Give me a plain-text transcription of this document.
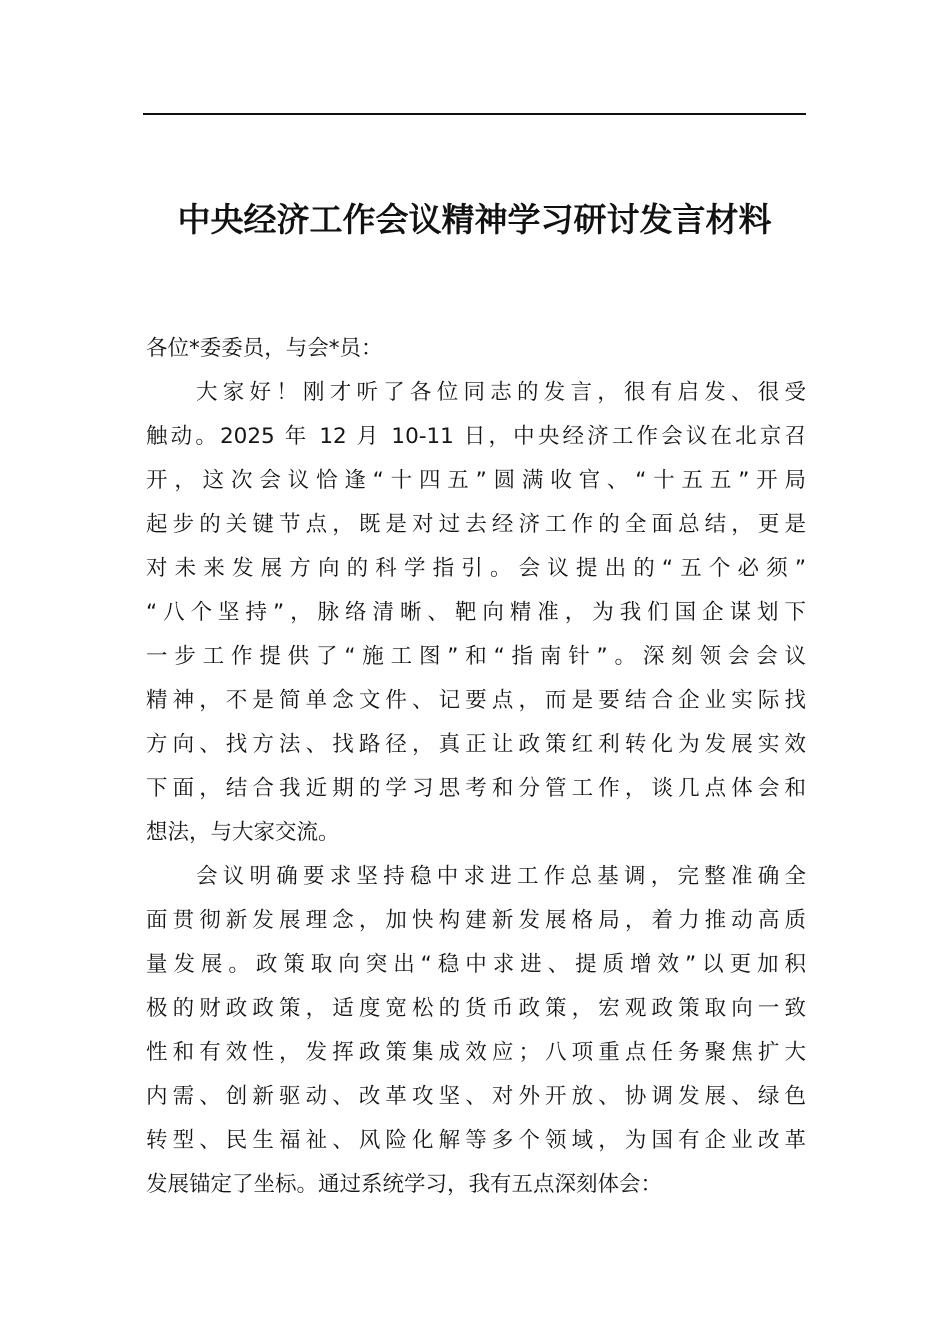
中央经济工作会议精神学习研讨发言材料
各位*委委员，与会*员：
大家好！刚才听了各位同志的发言，很有启发、很受
触动。2025 年 12 月 10-11 日，中央经济工作会议在北京召
开，这次会议恰逢“十四五”圆满收官、“十五五”开局
起步的关键节点，既是对过去经济工作的全面总结，更是
对未来发展方向的科学指引。会议提出的“五个必须”
“八个坚持”，脉络清晰、靶向精准，为我们国企谋划下
一步工作提供了“施工图”和“指南针”。深刻领会会议
精神，不是简单念文件、记要点，而是要结合企业实际找
方向、找方法、找路径，真正让政策红利转化为发展实效
下面，结合我近期的学习思考和分管工作，谈几点体会和
想法，与大家交流。
会议明确要求坚持稳中求进工作总基调，完整准确全
面贯彻新发展理念，加快构建新发展格局，着力推动高质
量发展。政策取向突出“稳中求进、提质增效”以更加积
极的财政政策，适度宽松的货币政策，宏观政策取向一致
性和有效性，发挥政策集成效应；八项重点任务聚焦扩大
内需、创新驱动、改革攻坚、对外开放、协调发展、绿色
转型、民生福祉、风险化解等多个领域，为国有企业改革
发展锚定了坐标。通过系统学习，我有五点深刻体会：
